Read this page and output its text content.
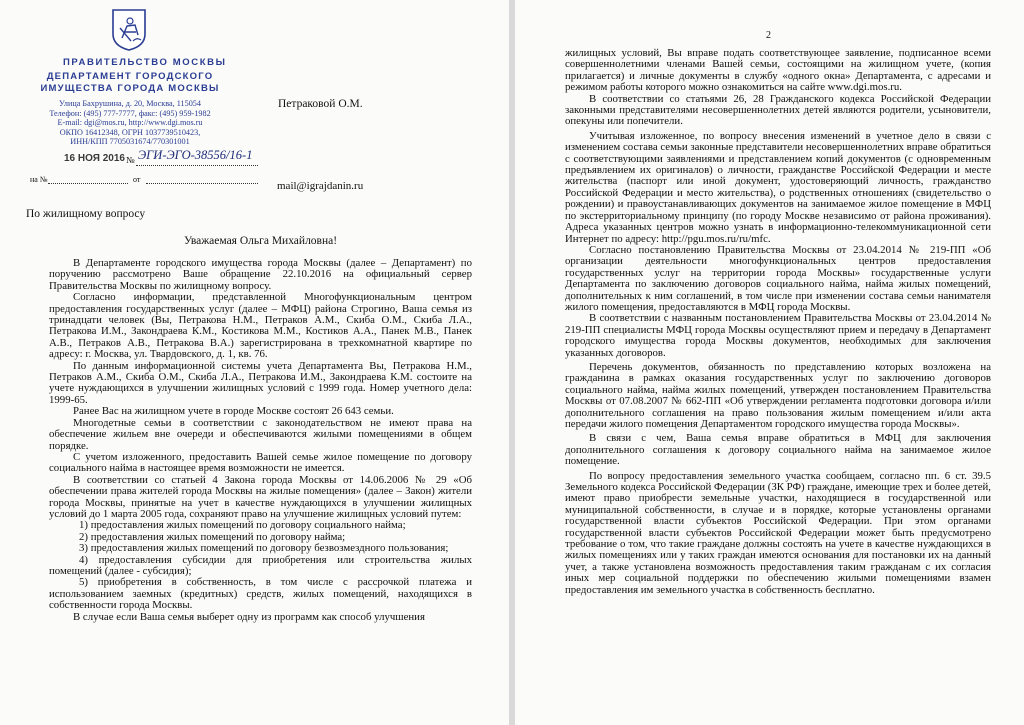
ПРАВИТЕЛЬСТВО МОСКВЫ
ДЕПАРТАМЕНТ ГОРОДСКОГО
ИМУЩЕСТВА ГОРОДА МОСКВЫ
Улица Бахрушина, д. 20, Москва, 115054
Телефон: (495) 777-7777, факс: (495) 959-1982
E-mail: dgi@mos.ru, http://www.dgi.mos.ru
ОКПО 16412348, ОГРН 1037739510423,
ИНН/КПП 7705031674/770301001
16 НОЯ 2016 № ЭГИ-ЭГО-38556/16-1
на №	от
Петраковой О.М.
mail@igrajdanin.ru
По жилищному вопросу
Уважаемая Ольга Михайловна!

В Департаменте городского имущества города Москвы (далее – Департамент) по поручению рассмотрено Ваше обращение 22.10.2016 на официальный сервер Правительства Москвы по жилищному вопросу.

Согласно информации, представленной Многофункциональным центром предоставления государственных услуг (далее – МФЦ) района Строгино, Ваша семья из тринадцати человек (Вы, Петракова Н.М., Петраков А.М., Скиба О.М., Скиба Л.А., Петракова И.М., Закондраева К.М., Костикова М.М., Костиков А.А., Панек М.В., Панек А.В., Петраков А.В., Петракова В.А.) зарегистрирована в трехкомнатной квартире по адресу: г. Москва, ул. Твардовского, д. 1, кв. 76.

По данным информационной системы учета Департамента Вы, Петракова Н.М., Петраков А.М., Скиба О.М., Скиба Л.А., Петракова И.М., Закондраева К.М. состоите на учете нуждающихся в улучшении жилищных условий с 1999 года. Номер учетного дела: 1999-65.

Ранее Вас на жилищном учете в городе Москве состоят 26 643 семьи.

Многодетные семьи в соответствии с законодательством не имеют права на обеспечение жильем вне очереди и обеспечиваются жилыми помещениями в общем порядке.

С учетом изложенного, предоставить Вашей семье жилое помещение по договору социального найма в настоящее время возможности не имеется.

В соответствии со статьей 4 Закона города Москвы от 14.06.2006 № 29 «Об обеспечении права жителей города Москвы на жилые помещения» (далее – Закон) жители города Москвы, принятые на учет в качестве нуждающихся в улучшении жилищных условий до 1 марта 2005 года, сохраняют право на улучшение жилищных условий путем:

1) предоставления жилых помещений по договору социального найма;

2) предоставления жилых помещений по договору найма;

3) предоставления жилых помещений по договору безвозмездного пользования;

4) предоставления субсидии для приобретения или строительства жилых помещений (далее - субсидия);

5) приобретения в собственность, в том числе с рассрочкой платежа и использованием заемных (кредитных) средств, жилых помещений, находящихся в собственности города Москвы.

В случае если Ваша семья выберет одну из программ как способ улучшения

2

жилищных условий, Вы вправе подать соответствующее заявление, подписанное всеми совершеннолетними членами Вашей семьи, состоящими на жилищном учете, (копия прилагается) и личные документы в службу «одного окна» Департамента, с адресами и режимом работы которого можно ознакомиться на сайте www.dgi.mos.ru.

В соответствии со статьями 26, 28 Гражданского кодекса Российской Федерации законными представителями несовершеннолетних детей являются родители, усыновители, опекуны или попечители.

Учитывая изложенное, по вопросу внесения изменений в учетное дело в связи с изменением состава семьи законные представители несовершеннолетних вправе обратиться с соответствующими заявлениями и представлением копий документов (с одновременным предъявлением их оригиналов) о личности, гражданстве Российской Федерации и месте жительства (паспорт или иной документ, удостоверяющий личность, гражданство Российской Федерации и место жительства), о родственных отношениях (свидетельство о рождении) и правоустанавливающих документов на занимаемое жилое помещение в МФЦ по экстерриториальному принципу (по городу Москве независимо от района проживания). Адреса указанных центров можно узнать в информационно-телекоммуникационной сети Интернет по адресу: http://pgu.mos.ru/ru/mfc.

Согласно постановлению Правительства Москвы от 23.04.2014 № 219-ПП «Об организации деятельности многофункциональных центров предоставления государственных услуг на территории города Москвы» государственные услуги Департамента по заключению договоров социального найма, найма жилых помещений, дополнительных к ним соглашений, в том числе при изменении состава семьи нанимателя жилого помещения, предоставляются в МФЦ города Москвы.

В соответствии с названным постановлением Правительства Москвы от 23.04.2014 № 219-ПП специалисты МФЦ города Москвы осуществляют прием и передачу в Департамент городского имущества города Москвы документов, необходимых для заключения указанных договоров.

Перечень документов, обязанность по представлению которых возложена на гражданина в рамках оказания государственных услуг по заключению договоров социального найма, найма жилых помещений, утвержден постановлением Правительства Москвы от 07.08.2007 № 662-ПП «Об утверждении регламента подготовки договора и/или дополнительного соглашения на право пользования жилым помещением и/или акта передачи жилого помещения Департаментом городского имущества города Москвы».

В связи с чем, Ваша семья вправе обратиться в МФЦ для заключения дополнительного соглашения к договору социального найма на занимаемое жилое помещение.

По вопросу предоставления земельного участка сообщаем, согласно пп. 6 ст. 39.5 Земельного кодекса Российской Федерации (ЗК РФ) граждане, имеющие трех и более детей, имеют право приобрести земельные участки, находящиеся в государственной или муниципальной собственности, в случае и в порядке, которые установлены органами государственной власти субъектов Российской Федерации. При этом органами государственной власти субъектов Российской Федерации может быть предусмотрено требование о том, что такие граждане должны состоять на учете в качестве нуждающихся в жилых помещениях или у таких граждан имеются основания для постановки их на данный учет, а также установлена возможность предоставления таким гражданам с их согласия иных мер социальной поддержки по обеспечению жилыми помещениями взамен предоставления им земельного участка в собственность бесплатно.
